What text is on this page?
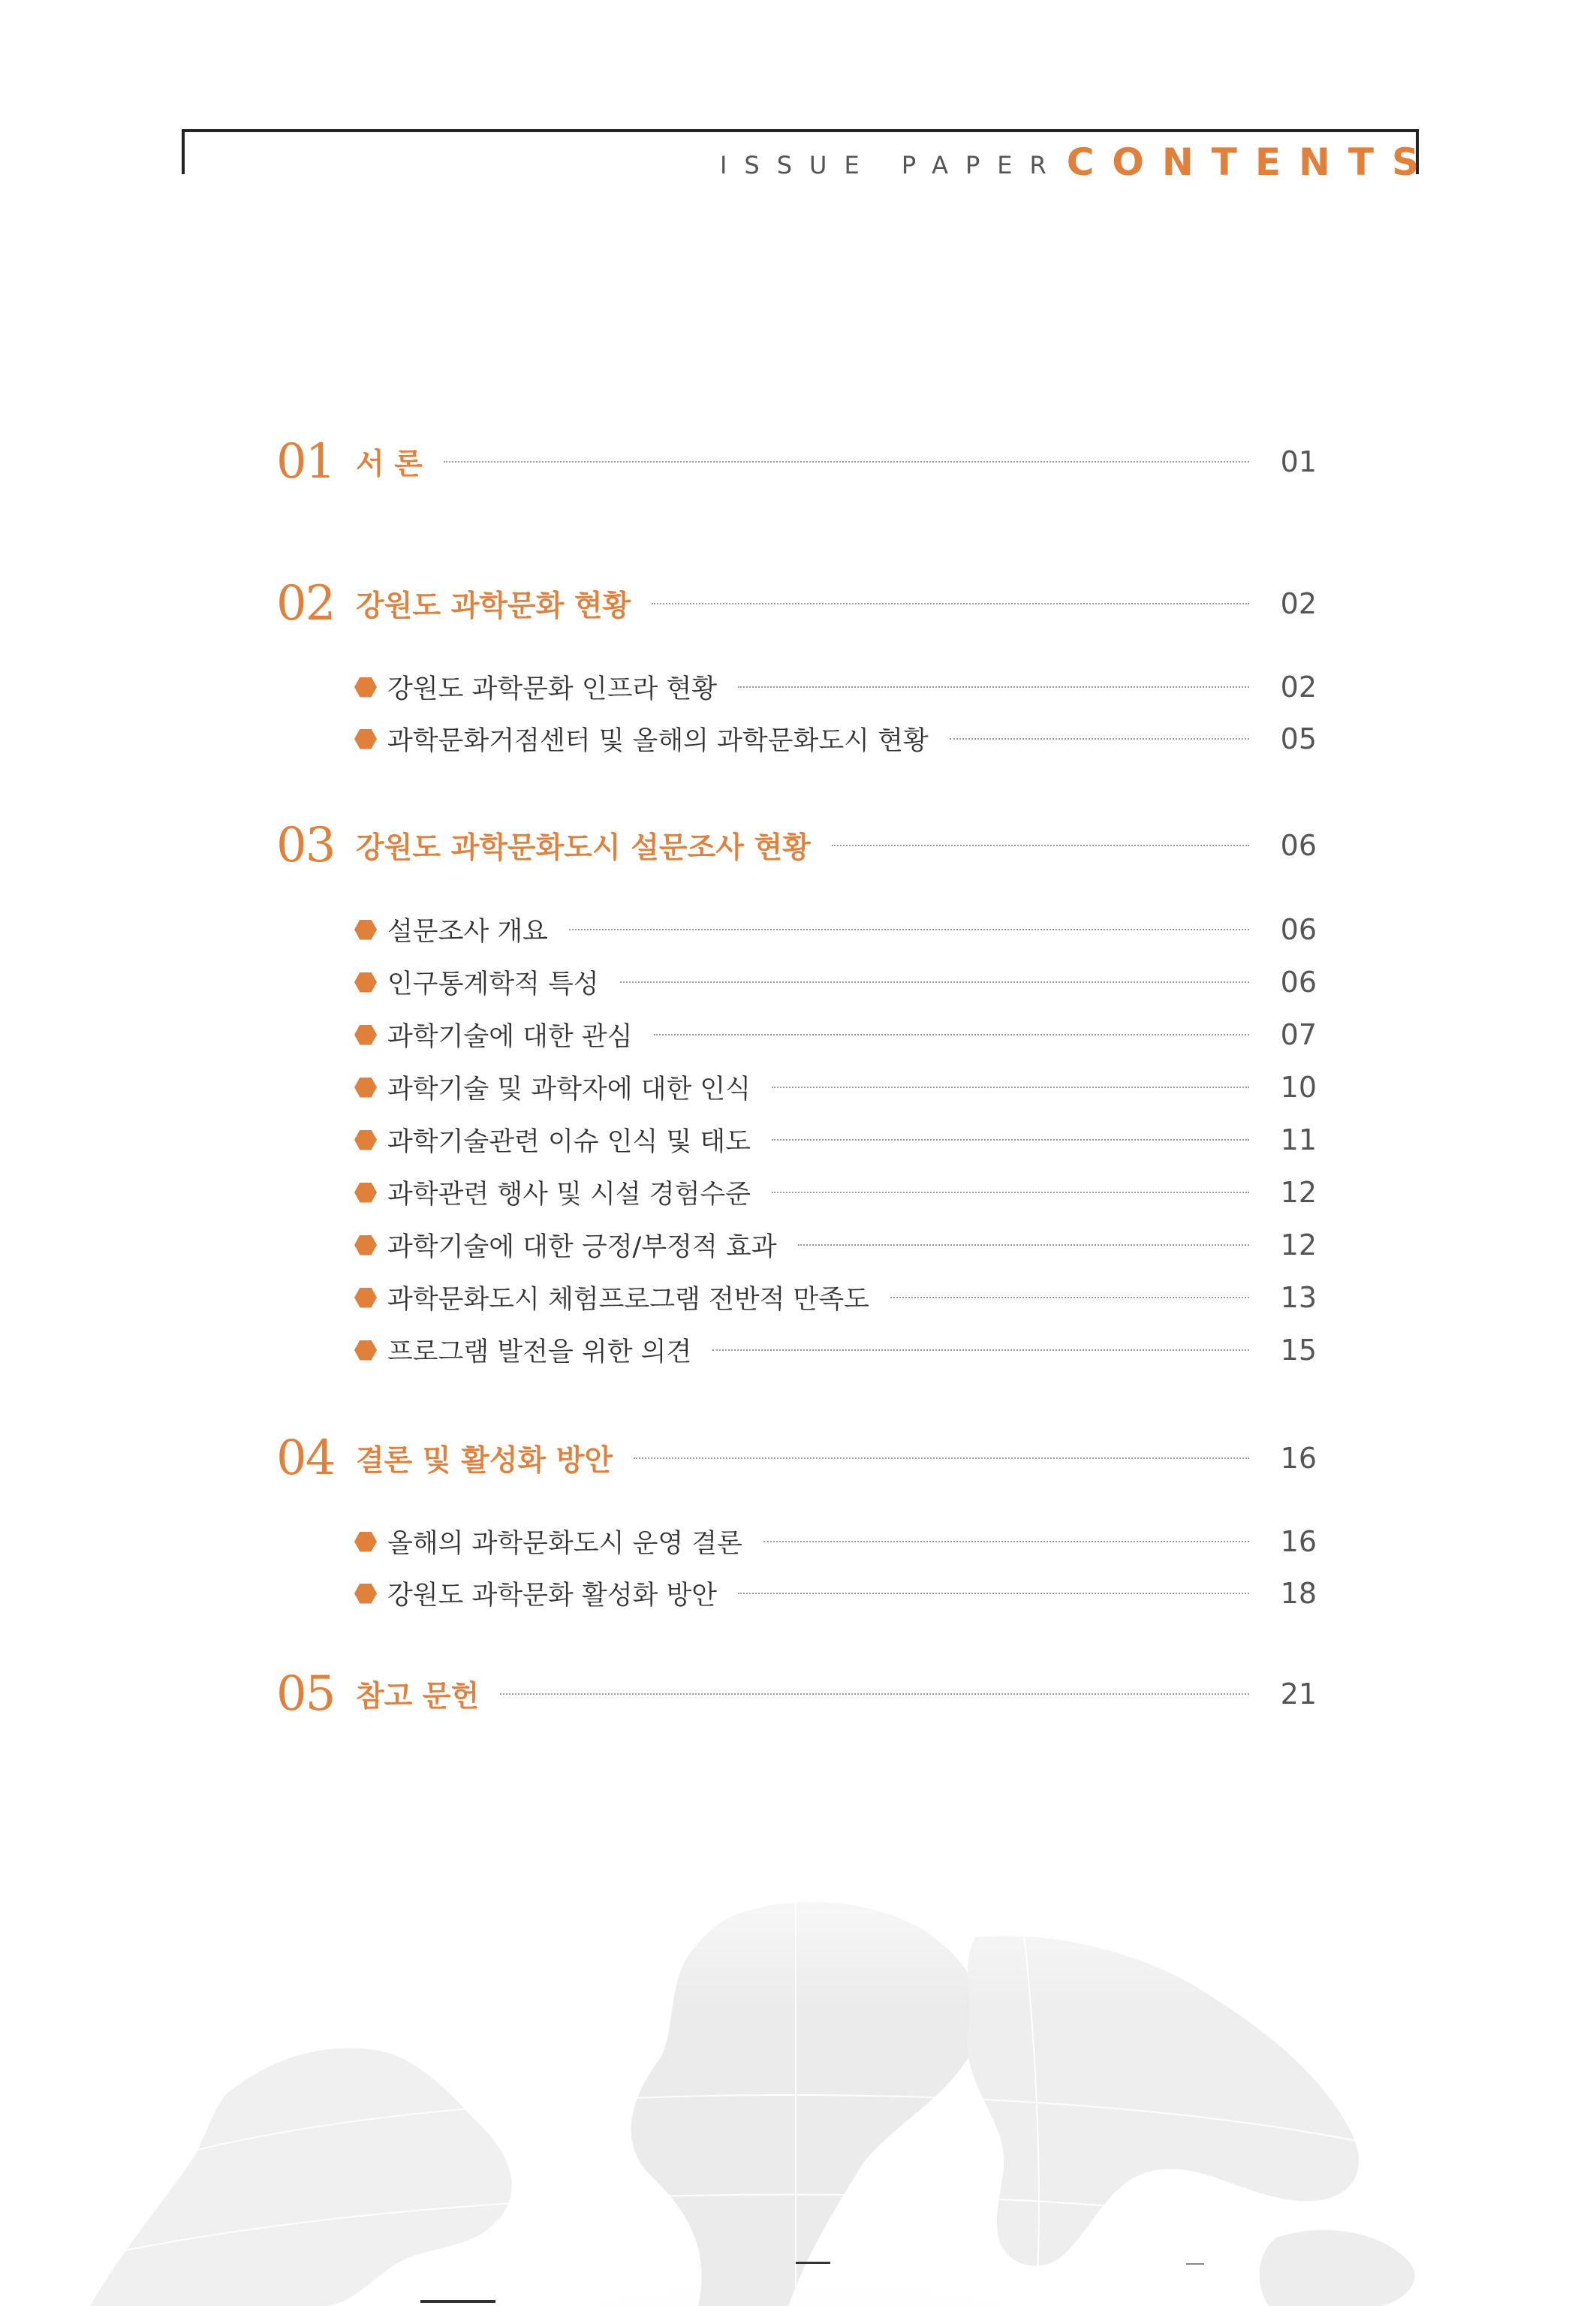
ISSUE PAPER CONTENTS
01 서 론	01
02 강원도 과학문화 현황	02
강원도 과학문화 인프라 현황	02
과학문화거점센터 및 올해의 과학문화도시 현황	05
03 강원도 과학문화도시 설문조사 현황	06
설문조사 개요	06
인구통계학적 특성	06
과학기술에 대한 관심	07
과학기술 및 과학자에 대한 인식	10
과학기술관련 이슈 인식 및 태도	11
과학관련 행사 및 시설 경험수준	12
과학기술에 대한 긍정/부정적 효과	12
과학문화도시 체험프로그램 전반적 만족도	13
프로그램 발전을 위한 의견	15
04 결론 및 활성화 방안	16
올해의 과학문화도시 운영 결론	16
강원도 과학문화 활성화 방안	18
05 참고 문헌	21
